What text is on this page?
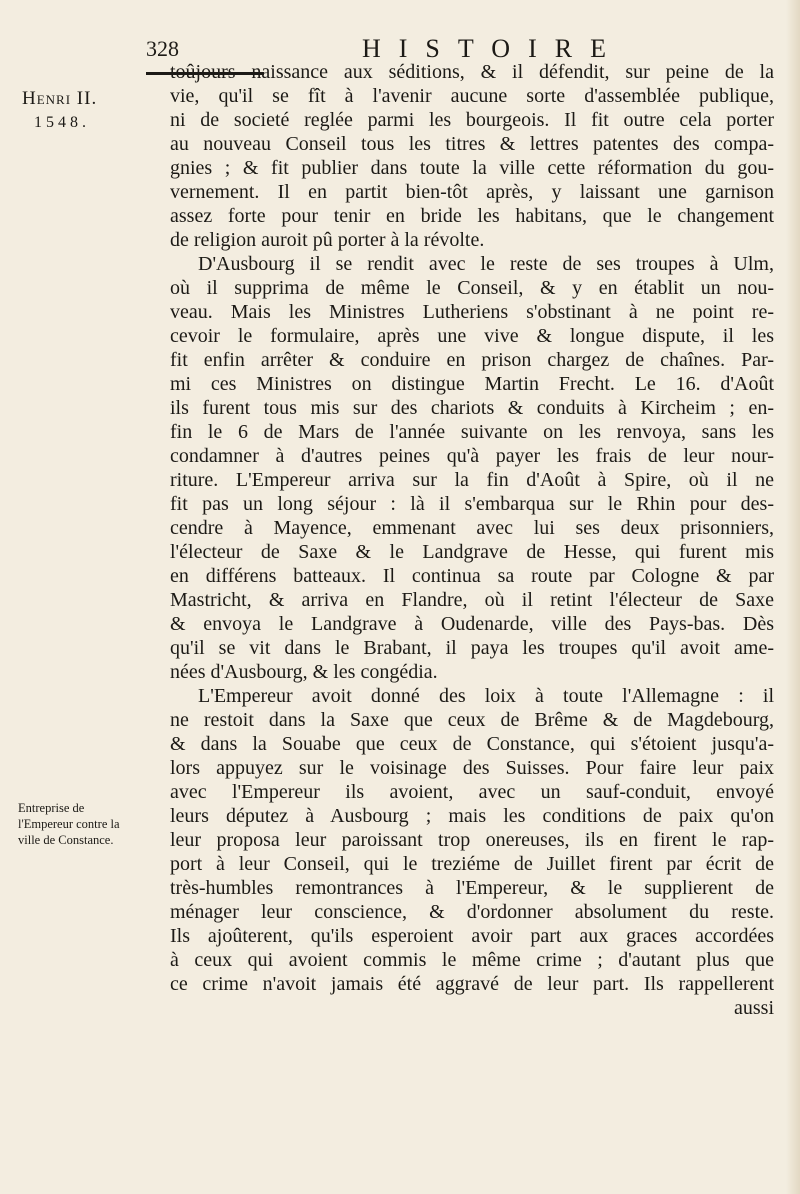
328	HISTOIRE
Henri II.
1548.
Entreprise de l'Empereur contre la ville de Constance.
toûjours naissance aux séditions, & il défendit, sur peine de la
vie, qu'il se fît à l'avenir aucune sorte d'assemblée publique,
ni de societé reglée parmi les bourgeois. Il fit outre cela porter
au nouveau Conseil tous les titres & lettres patentes des compa-
gnies ; & fit publier dans toute la ville cette réformation du gou-
vernement. Il en partit bien-tôt après, y laissant une garnison
assez forte pour tenir en bride les habitans, que le changement
de religion auroit pû porter à la révolte.
D'Ausbourg il se rendit avec le reste de ses troupes à Ulm,
où il supprima de même le Conseil, & y en établit un nou-
veau. Mais les Ministres Lutheriens s'obstinant à ne point re-
cevoir le formulaire, après une vive & longue dispute, il les
fit enfin arrêter & conduire en prison chargez de chaînes. Par-
mi ces Ministres on distingue Martin Frecht. Le 16. d'Août
ils furent tous mis sur des chariots & conduits à Kircheim ; en-
fin le 6 de Mars de l'année suivante on les renvoya, sans les
condamner à d'autres peines qu'à payer les frais de leur nour-
riture. L'Empereur arriva sur la fin d'Août à Spire, où il ne
fit pas un long séjour : là il s'embarqua sur le Rhin pour des-
cendre à Mayence, emmenant avec lui ses deux prisonniers,
l'électeur de Saxe & le Landgrave de Hesse, qui furent mis
en différens batteaux. Il continua sa route par Cologne & par
Mastricht, & arriva en Flandre, où il retint l'électeur de Saxe
& envoya le Landgrave à Oudenarde, ville des Pays-bas. Dès
qu'il se vit dans le Brabant, il paya les troupes qu'il avoit ame-
nées d'Ausbourg, & les congédia.
L'Empereur avoit donné des loix à toute l'Allemagne : il
ne restoit dans la Saxe que ceux de Brême & de Magdebourg,
& dans la Souabe que ceux de Constance, qui s'étoient jusqu'a-
lors appuyez sur le voisinage des Suisses. Pour faire leur paix
avec l'Empereur ils avoient, avec un sauf-conduit, envoyé
leurs députez à Ausbourg ; mais les conditions de paix qu'on
leur proposa leur paroissant trop onereuses, ils en firent le rap-
port à leur Conseil, qui le treziéme de Juillet firent par écrit de
très-humbles remontrances à l'Empereur, & le supplierent de
ménager leur conscience, & d'ordonner absolument du reste.
Ils ajoûterent, qu'ils esperoient avoir part aux graces accordées
à ceux qui avoient commis le même crime ; d'autant plus que
ce crime n'avoit jamais été aggravé de leur part. Ils rappellerent
aussi
